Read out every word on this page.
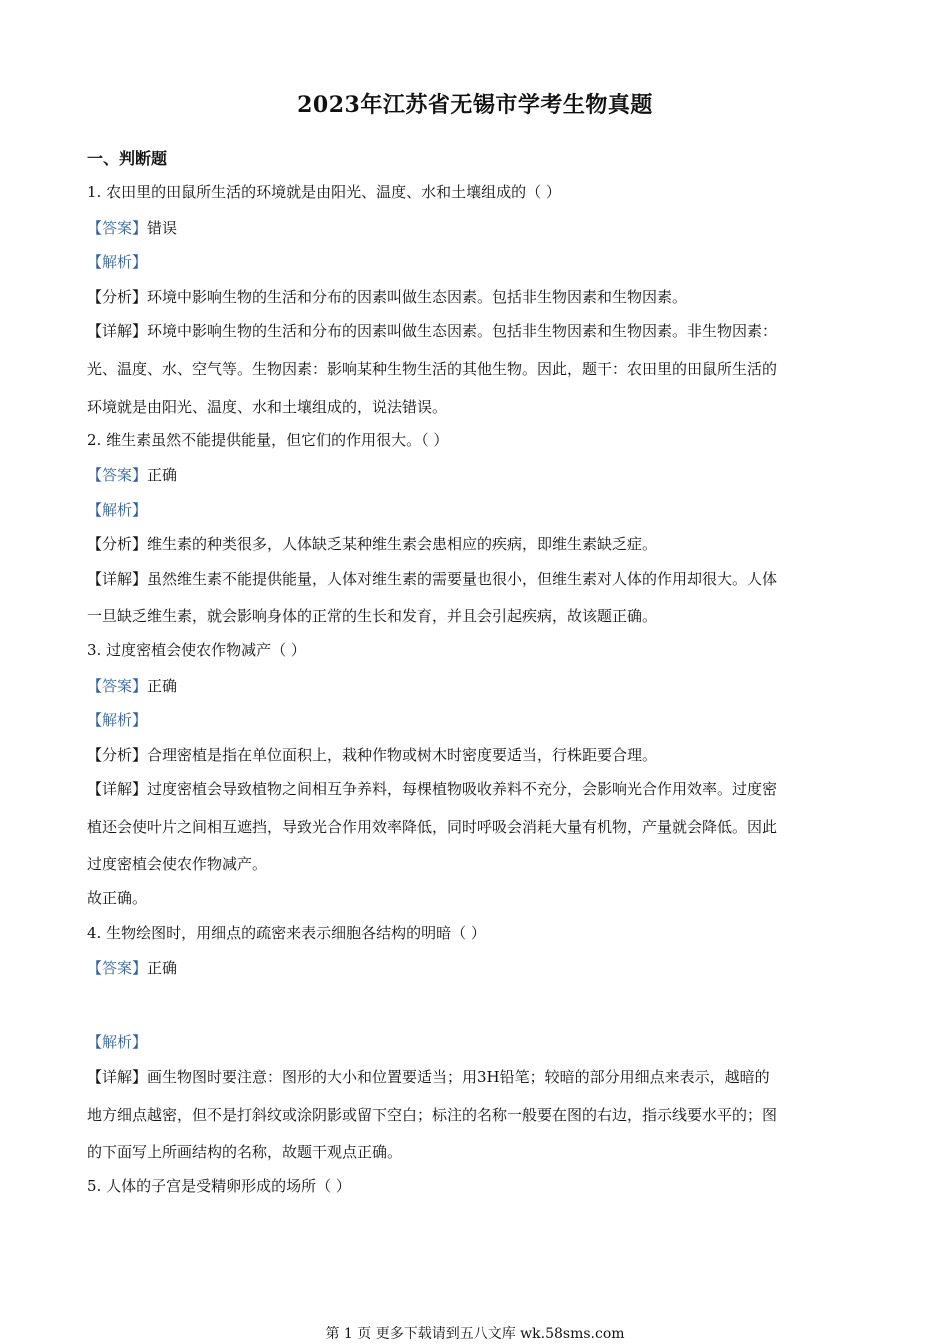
2023年江苏省无锡市学考生物真题
一、判断题
1. 农田里的田鼠所生活的环境就是由阳光、温度、水和土壤组成的（ ）
【答案】错误
【解析】
【分析】环境中影响生物的生活和分布的因素叫做生态因素。包括非生物因素和生物因素。
【详解】环境中影响生物的生活和分布的因素叫做生态因素。包括非生物因素和生物因素。非生物因素：
光、温度、水、空气等。生物因素：影响某种生物生活的其他生物。因此，题干：农田里的田鼠所生活的
环境就是由阳光、温度、水和土壤组成的，说法错误。
2. 维生素虽然不能提供能量，但它们的作用很大。（ ）
【答案】正确
【解析】
【分析】维生素的种类很多，人体缺乏某种维生素会患相应的疾病，即维生素缺乏症。
【详解】虽然维生素不能提供能量，人体对维生素的需要量也很小，但维生素对人体的作用却很大。人体
一旦缺乏维生素，就会影响身体的正常的生长和发育，并且会引起疾病，故该题正确。
3. 过度密植会使农作物减产（ ）
【答案】正确
【解析】
【分析】合理密植是指在单位面积上，栽种作物或树木时密度要适当，行株距要合理。
【详解】过度密植会导致植物之间相互争养料，每棵植物吸收养料不充分，会影响光合作用效率。过度密
植还会使叶片之间相互遮挡，导致光合作用效率降低，同时呼吸会消耗大量有机物，产量就会降低。因此
过度密植会使农作物减产。
故正确。
4. 生物绘图时，用细点的疏密来表示细胞各结构的明暗（ ）
【答案】正确
【解析】
【详解】画生物图时要注意：图形的大小和位置要适当；用3H铅笔；较暗的部分用细点来表示，越暗的
地方细点越密，但不是打斜纹或涂阴影或留下空白；标注的名称一般要在图的右边，指示线要水平的；图
的下面写上所画结构的名称，故题干观点正确。
5. 人体的子宫是受精卵形成的场所（ ）
第 1 页 更多下载请到五八文库 wk.58sms.com
